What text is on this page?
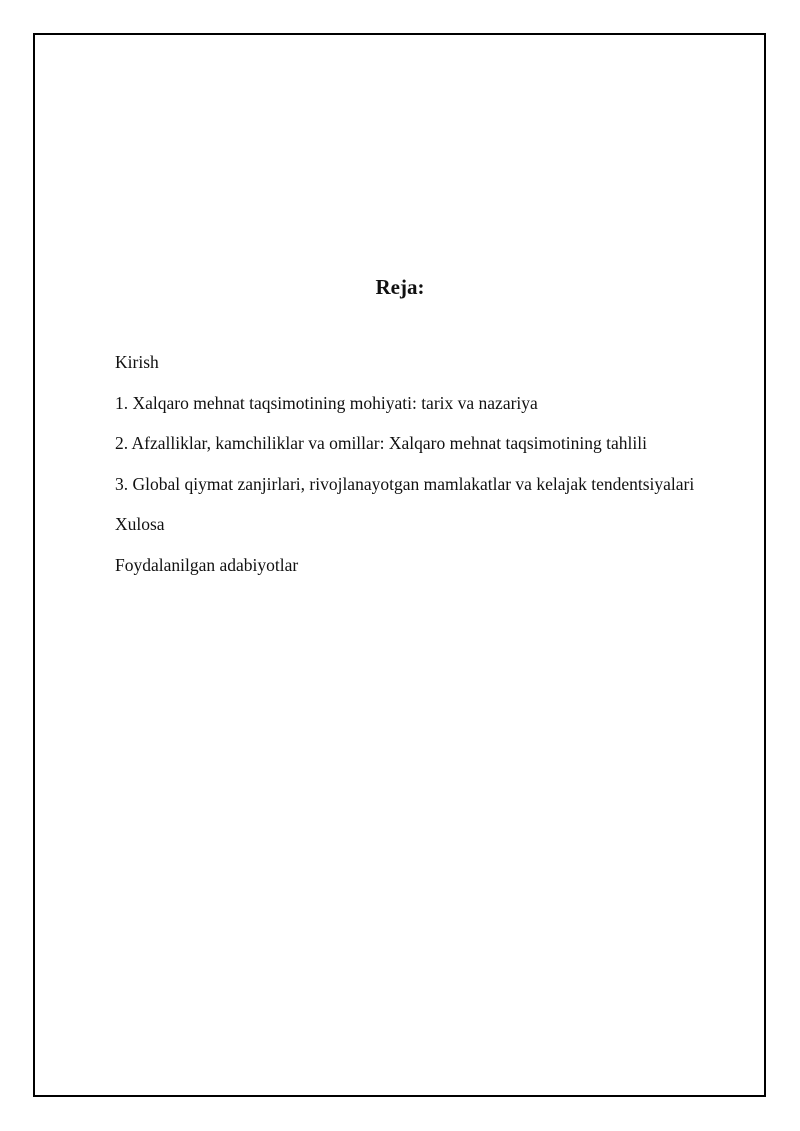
Reja:
Kirish
1. Xalqaro mehnat taqsimotining mohiyati: tarix va nazariya
2. Afzalliklar, kamchiliklar va omillar: Xalqaro mehnat taqsimotining tahlili
3. Global qiymat zanjirlari, rivojlanayotgan mamlakatlar va kelajak tendentsiyalari
Xulosa
Foydalanilgan adabiyotlar
